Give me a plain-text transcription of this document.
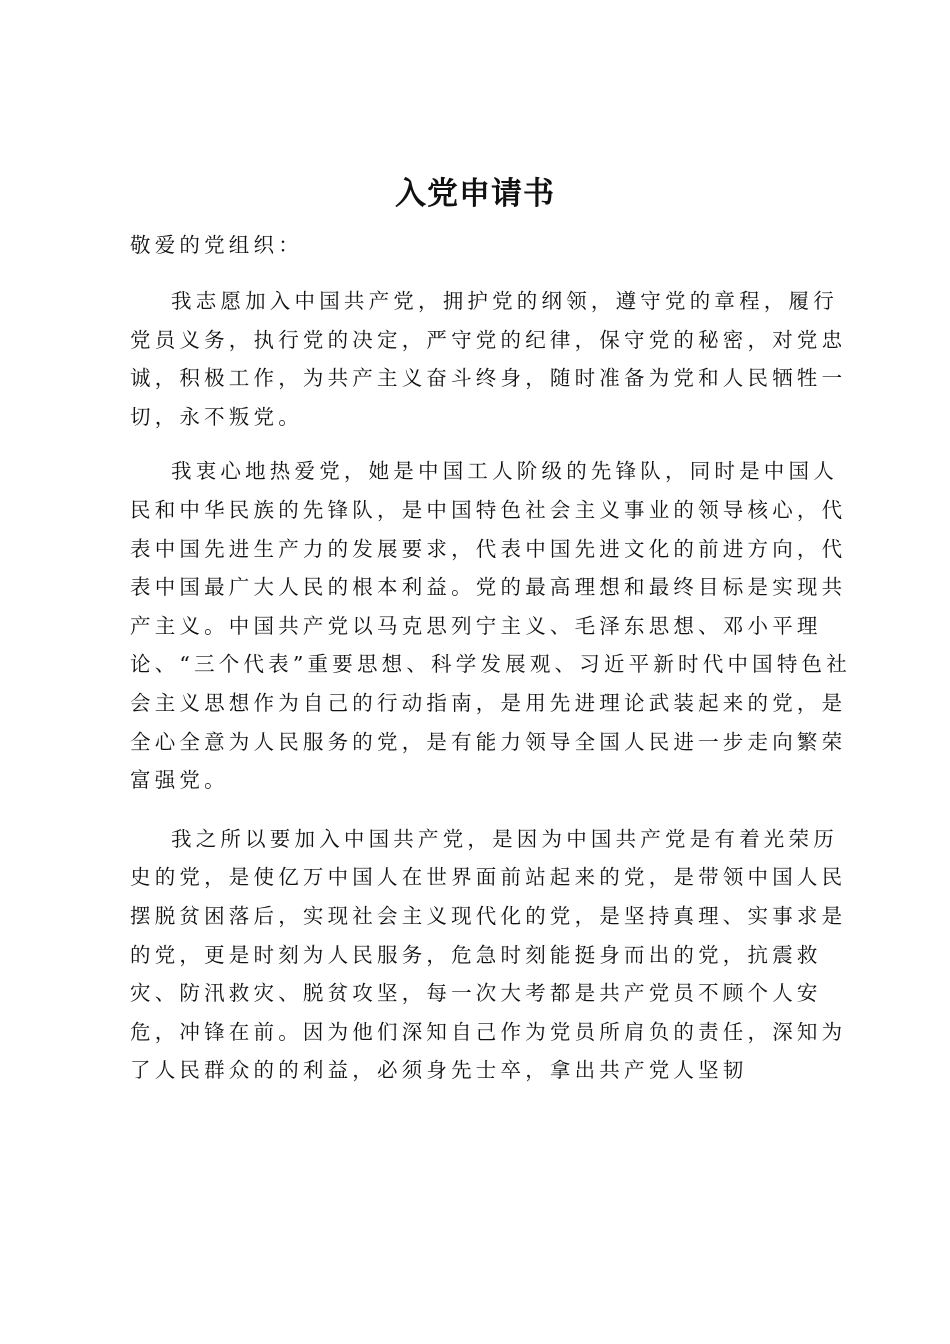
入党申请书

敬爱的党组织：

我志愿加入中国共产党，拥护党的纲领，遵守党的章程，履行党员义务，执行党的决定，严守党的纪律，保守党的秘密，对党忠诚，积极工作，为共产主义奋斗终身，随时准备为党和人民牺牲一切，永不叛党。

我衷心地热爱党，她是中国工人阶级的先锋队，同时是中国人民和中华民族的先锋队，是中国特色社会主义事业的领导核心，代表中国先进生产力的发展要求，代表中国先进文化的前进方向，代表中国最广大人民的根本利益。党的最高理想和最终目标是实现共产主义。中国共产党以马克思列宁主义、毛泽东思想、邓小平理论、“三个代表”重要思想、科学发展观、习近平新时代中国特色社会主义思想作为自己的行动指南，是用先进理论武装起来的党，是全心全意为人民服务的党，是有能力领导全国人民进一步走向繁荣富强党。

我之所以要加入中国共产党，是因为中国共产党是有着光荣历史的党，是使亿万中国人在世界面前站起来的党，是带领中国人民摆脱贫困落后，实现社会主义现代化的党，是坚持真理、实事求是的党，更是时刻为人民服务，危急时刻能挺身而出的党，抗震救灾、防汛救灾、脱贫攻坚，每一次大考都是共产党员不顾个人安危，冲锋在前。因为他们深知自己作为党员所肩负的责任，深知为了人民群众的的利益，必须身先士卒，拿出共产党人坚韧
